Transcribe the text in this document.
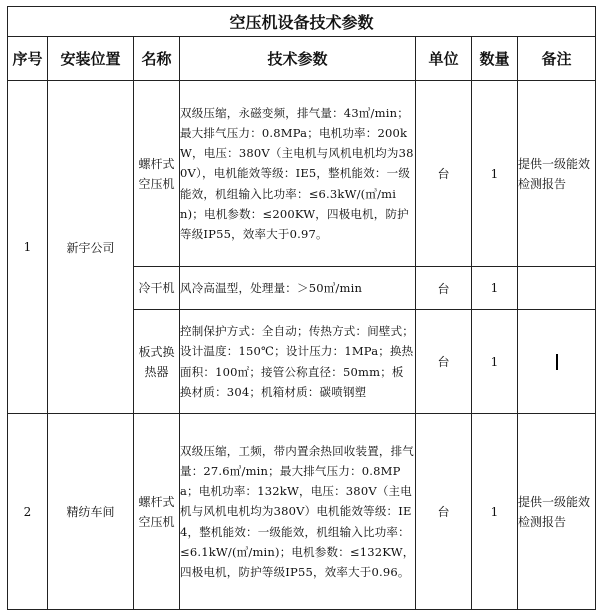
空压机设备技术参数						
序号	安装位置	名称	技术参数	单位	数量	备注
1	新宇公司	螺杆式空压机	双级压缩，永磁变频，排气量：43㎥/min；最大排气压力：0.8MPa；电机功率：200kW，电压：380V（主电机与风机电机均为380V），电机能效等级：IE5，整机能效：一级能效，机组输入比功率：≤6.3kW/(㎥/min)；电机参数：≤200KW，四极电机，防护等级IP55，效率大于0.97。	台	1	提供一级能效检测报告
		冷干机	风冷高温型，处理量：＞50㎥/min	台	1	
		板式换热器	控制保护方式：全自动；传热方式：间壁式；设计温度：150℃；设计压力：1MPa；换热面积：100㎡；接管公称直径：50mm；板换材质：304；机箱材质：碳喷钢塑	台	1	
2	精纺车间	螺杆式空压机	双级压缩，工频，带内置余热回收装置，排气量：27.6㎥/min；最大排气压力：0.8MPa；电机功率：132kW，电压：380V（主电机与风机电机均为380V）电机能效等级：IE4，整机能效：一级能效，机组输入比功率：≤6.1kW/(㎥/min)；电机参数：≤132KW，四极电机，防护等级IP55，效率大于0.96。	台	1	提供一级能效检测报告
